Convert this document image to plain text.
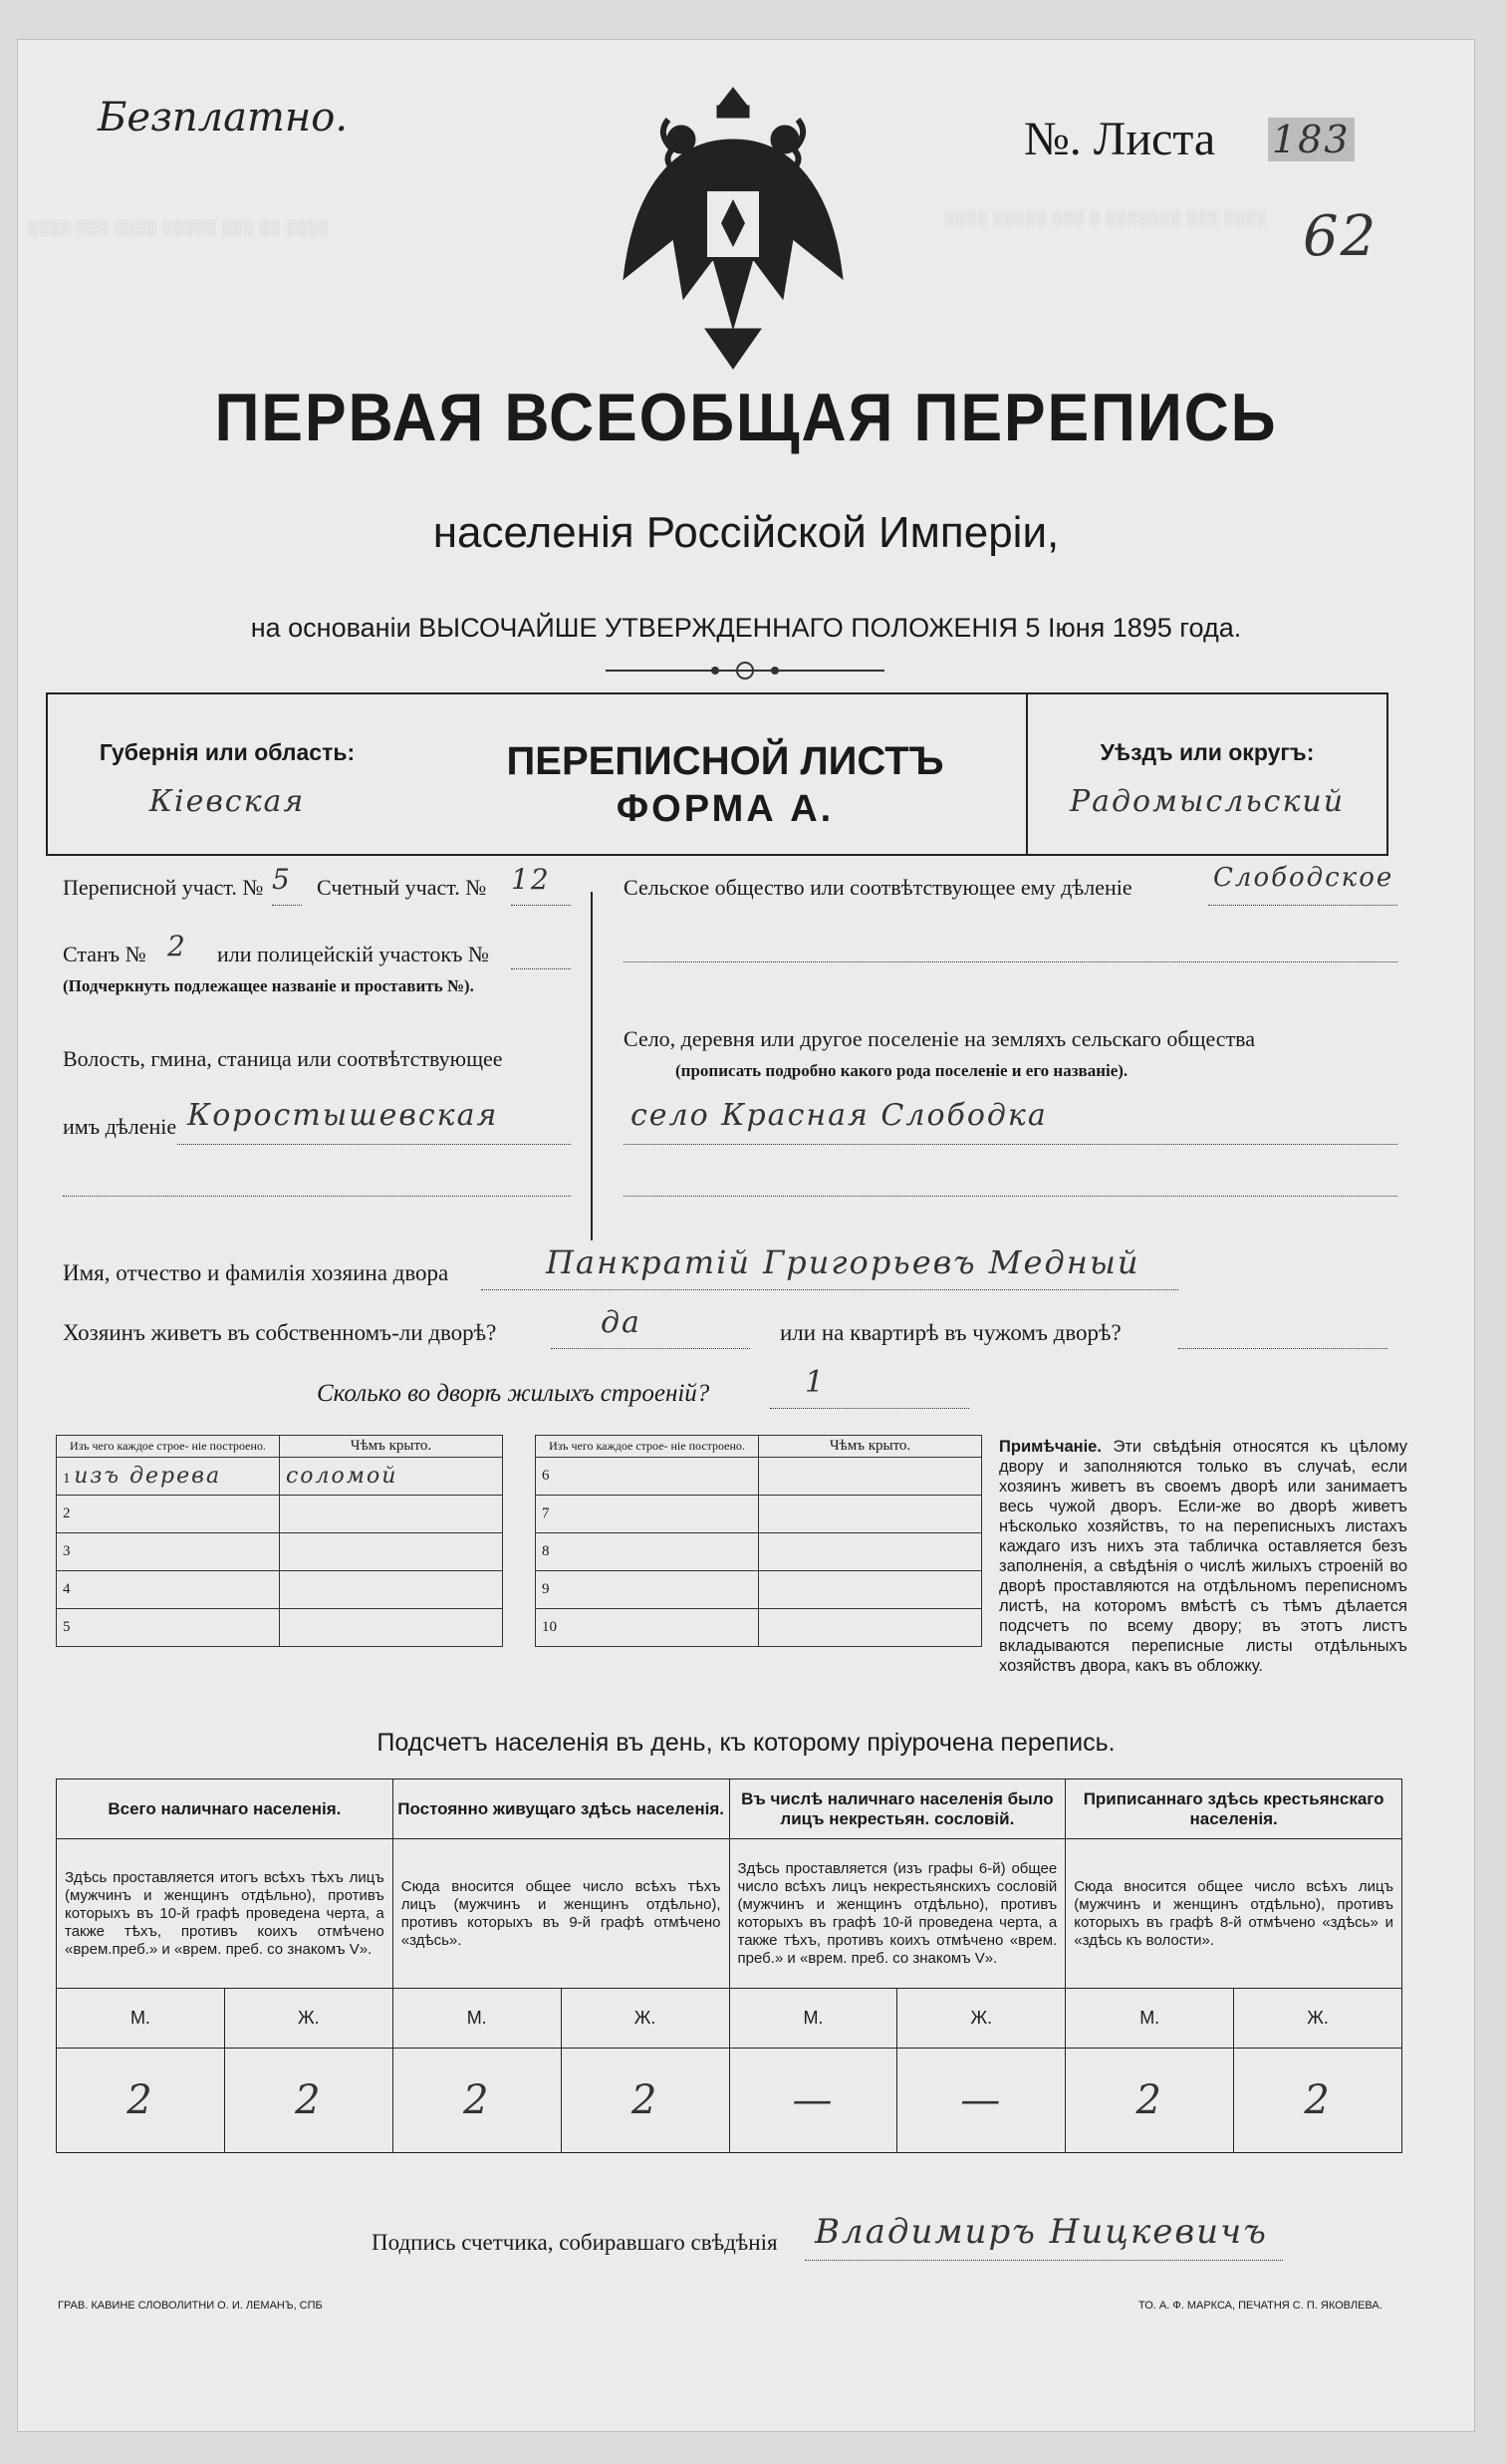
░░░░ ░░░ ░░░░ ░░░░░ ░░░ ░░ ░░░░
░░░░ ░░░░░ ░░░ ░ ░░░░░░░ ░░░ ░░░░
Безплатно.	№. Листа 183
62
ПЕРВАЯ ВСЕОБЩАЯ ПЕРЕПИСЬ
населенія Россійской Имперіи,
на основаніи ВЫСОЧАЙШЕ УТВЕРЖДЕННАГО ПОЛОЖЕНІЯ 5 Іюня 1895 года.
Губернія или область:
Кіевская
ПЕРЕПИСНОЙ ЛИСТЪ
ФОРМА А.
Уѣздъ или округъ:
Радомысльский
Переписной участ. № 5 Счетный участ. № 12
Станъ № 2 или полицейскій участокъ №
(Подчеркнуть подлежащее названіе и проставить №).
Волость, гмина, станица или соотвѣтствующее
имъ дѣленіе Коростышевская
Сельское общество или соотвѣтствующее ему дѣленіе	Слободское
Село, деревня или другое поселеніе на земляхъ сельскаго общества
(прописать подробно какого рода поселеніе и его названіе).
село Красная Слободка
Имя, отчество и фамилія хозяина двора	Панкратій Григорьевъ Медный
Хозяинъ живетъ въ собственномъ-ли дворѣ?	да	или на квартирѣ въ чужомъ дворѣ?
Сколько во дворѣ жилыхъ строеній?	1
Изъ чего каждое строе- ніе построено.	Чѣмъ крыто.		Изъ чего каждое строе- ніе построено.	Чѣмъ крыто.
1 изъ дерева	соломой		6	
2			7	
3			8	
4			9	
5			10	
Примѣчаніе. Эти свѣдѣнія относятся къ цѣлому двору и заполняются только въ случаѣ, если хозяинъ живетъ въ своемъ дворѣ или занимаетъ весь чужой дворъ. Если-же во дворѣ живетъ нѣсколько хозяйствъ, то на переписныхъ листахъ каждаго изъ нихъ эта табличка оставляется безъ заполненія, а свѣдѣнія о числѣ жилыхъ строеній во дворѣ проставляются на отдѣльномъ переписномъ листѣ, на которомъ вмѣстѣ съ тѣмъ дѣлается подсчетъ по всему двору; въ этотъ листъ вкладываются переписные листы отдѣльныхъ хозяйствъ двора, какъ въ обложку.
Подсчетъ населенія въ день, къ которому пріурочена перепись.
Всего наличнаго населенія.		Постоянно живущаго здѣсь населенія.		Въ числѣ наличнаго населенія было лицъ некрестьян. сословій.		Приписаннаго здѣсь крестьянскаго населенія.	
Здѣсь проставляется итогъ всѣхъ тѣхъ лицъ (мужчинъ и женщинъ отдѣльно), противъ которыхъ въ 10-й графѣ проведена черта, а также тѣхъ, противъ коихъ отмѣчено «врем.преб.» и «врем. преб. со знакомъ V».		Сюда вносится общее число всѣхъ тѣхъ лицъ (мужчинъ и женщинъ отдѣльно), противъ которыхъ въ 9-й графѣ отмѣчено «здѣсь».		Здѣсь проставляется (изъ графы 6-й) общее число всѣхъ лицъ некрестьянскихъ сословій (мужчинъ и женщинъ отдѣльно), противъ которыхъ въ графѣ 10-й проведена черта, а также тѣхъ, противъ коихъ отмѣчено «врем. преб.» и «врем. преб. со знакомъ V».		Сюда вносится общее число всѣхъ лицъ (мужчинъ и женщинъ отдѣльно), противъ которыхъ въ графѣ 8-й отмѣчено «здѣсь» и «здѣсь къ волости».	
М.	Ж.	М.	Ж.	М.	Ж.	М.	Ж.
2	2	2	2	—	—	2	2
Подпись счетчика, собиравшаго свѣдѣнія Владимиръ Ницкевичъ
ГРАВ. КАВИНЕ СЛОВОЛИТНИ О. И. ЛЕМАНЪ, СПБ	ТО. А. Ф. МАРКСА, ПЕЧАТНЯ С. П. ЯКОВЛЕВА.
